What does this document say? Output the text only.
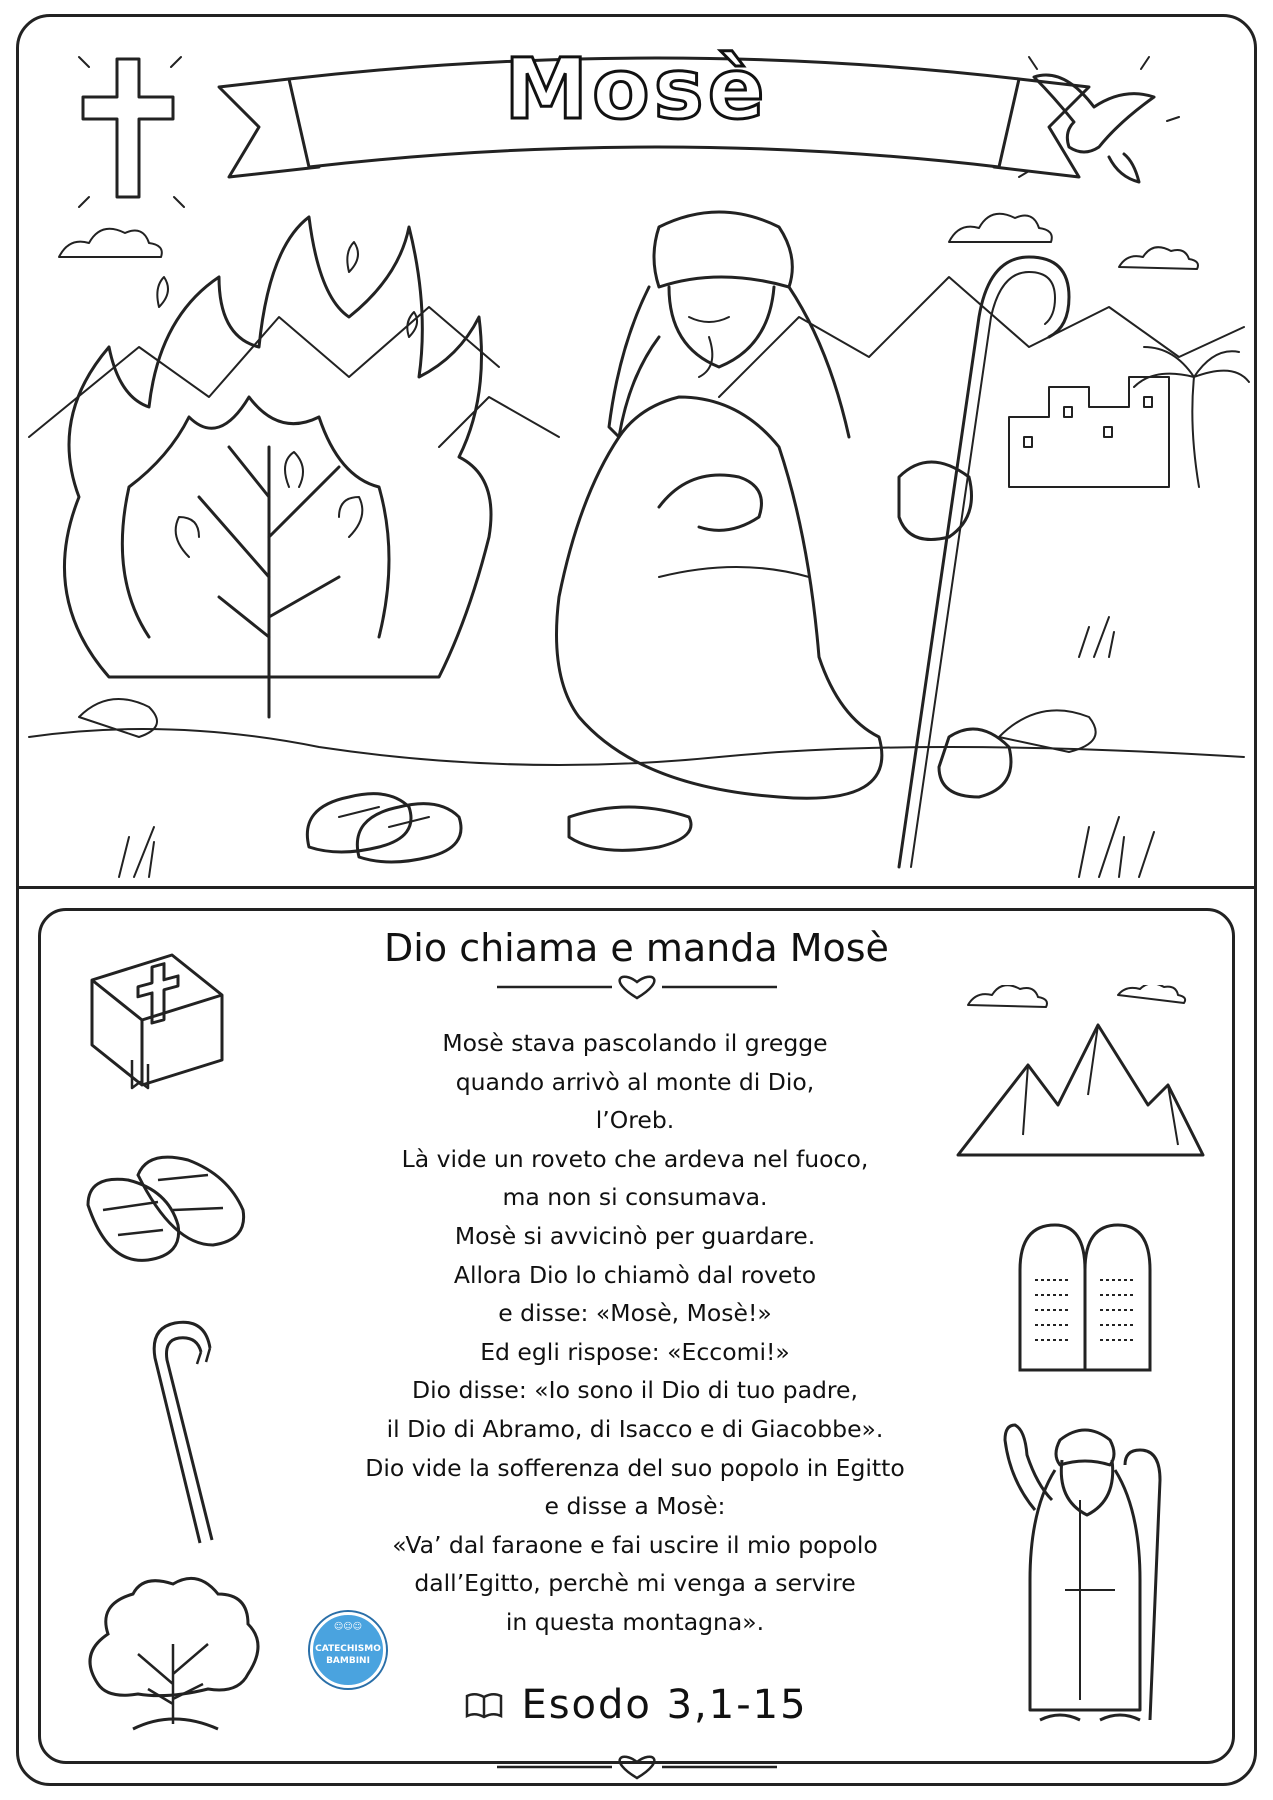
Mosè
Dio chiama e manda Mosè
Mosè stava pascolando il gregge
quando arrivò al monte di Dio,
l’Oreb.
Là vide un roveto che ardeva nel fuoco,
ma non si consumava.
Mosè si avvicinò per guardare.
Allora Dio lo chiamò dal roveto
e disse: «Mosè, Mosè!»
Ed egli rispose: «Eccomi!»
Dio disse: «Io sono il Dio di tuo padre,
il Dio di Abramo, di Isacco e di Giacobbe».
Dio vide la sofferenza del suo popolo in Egitto
e disse a Mosè:
«Va’ dal faraone e fai uscire il mio popolo
dall’Egitto, perchè mi venga a servire
in questa montagna».
Esodo 3,1-15
☺☺☺
CATECHISMO
BAMBINI
